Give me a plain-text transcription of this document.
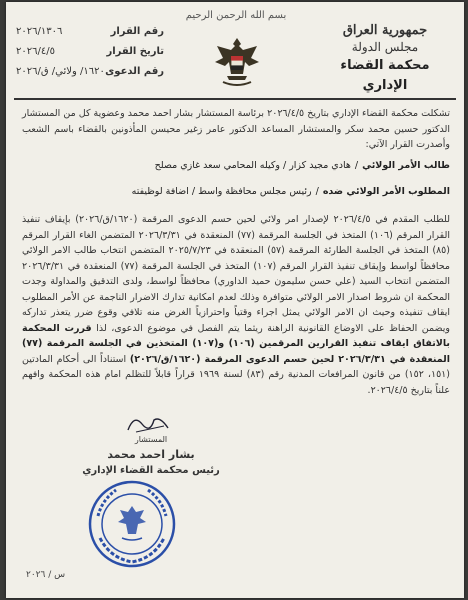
بسم الله الرحمن الرحيم
جمهورية العراق
مجلس الدولة
محكمة القضاء الإداري
رقم القرار
٢٠٢٦/١٣٠٦
تاريخ القرار
٢٠٢٦/٤/٥
رقم الدعوى
١٦٢٠/ ولائي/ ق/٢٠٢٦
تشكلت محكمة القضاء الإداري بتاريخ ٢٠٢٦/٤/٥ برئاسة المستشار بشار احمد محمد وعضوية كل من المستشار الدكتور حسين محمد سكر والمستشار المساعد الدكتور عامر زغير محيسن المأذونين بالقضاء باسم الشعب وأصدرت القرار الآتي:
طالب الأمر الولائي
/
هادي مجيد كزار / وكيله المحامي سعد غازي مصلح
المطلوب الأمر الولائي ضده
/
رئيس مجلس محافظة واسط / اضافة لوظيفته
للطلب المقدم في ٢٠٢٦/٤/٥ لإصدار امر ولائي لحين حسم الدعوى المرقمة (١٦٢٠/ق/٢٠٢٦) بإيقاف تنفيذ القرار المرقم (١٠٦) المتخذ في الجلسة المرقمة (٧٧) المنعقدة في ٢٠٢٦/٣/٣١ المتضمن الغاء القرار المرقم (٨٥) المتخذ في الجلسة الطارئة المرقمة (٥٧) المنعقدة في ٢٠٢٥/٧/٢٣ المتضمن انتخاب طالب الامر الولائي محافظاً لواسط وإيقاف تنفيذ القرار المرقم (١٠٧) المتخذ في الجلسة المرقمة (٧٧) المنعقدة في ٢٠٢٦/٣/٣١ المتضمن انتخاب السيد (علي حسن سليمون حميد الداوري) محافظاً لواسط، ولدى التدقيق والمداولة وجدت المحكمة ان شروط اصدار الامر الولائي متوافرة وذلك لعدم امكانية تدارك الاضرار الناجمة عن الأمر المطلوب ايقاف تنفيذه وحيث ان الامر الولائي يمثل اجراء وقتياً واحترازياً الغرض منه تلافي وقوع ضرر يتعذر تداركه ويضمن الحفاظ على الاوضاع القانونية الراهنة ريثما يتم الفصل في موضوع الدعوى، لذا قررت المحكمة بالاتفاق ايقاف تنفيذ القرارين المرقمين (١٠٦) و(١٠٧) المتخذين في الجلسة المرقمة (٧٧) المنعقدة في ٢٠٢٦/٣/٣١ لحين حسم الدعوى المرقمة (١٦٢٠/ق/٢٠٢٦) استناداً الى أحكام المادتين (١٥١، ١٥٢) من قانون المرافعات المدنية رقم (٨٣) لسنة ١٩٦٩ قراراً قابلاً للتظلم امام هذه المحكمة وافهم علناً بتاريخ ٢٠٢٦/٤/٥.
المستشار
بشار احمد محمد
رئيس محكمة القضاء الإداري
س / ٢٠٢٦
